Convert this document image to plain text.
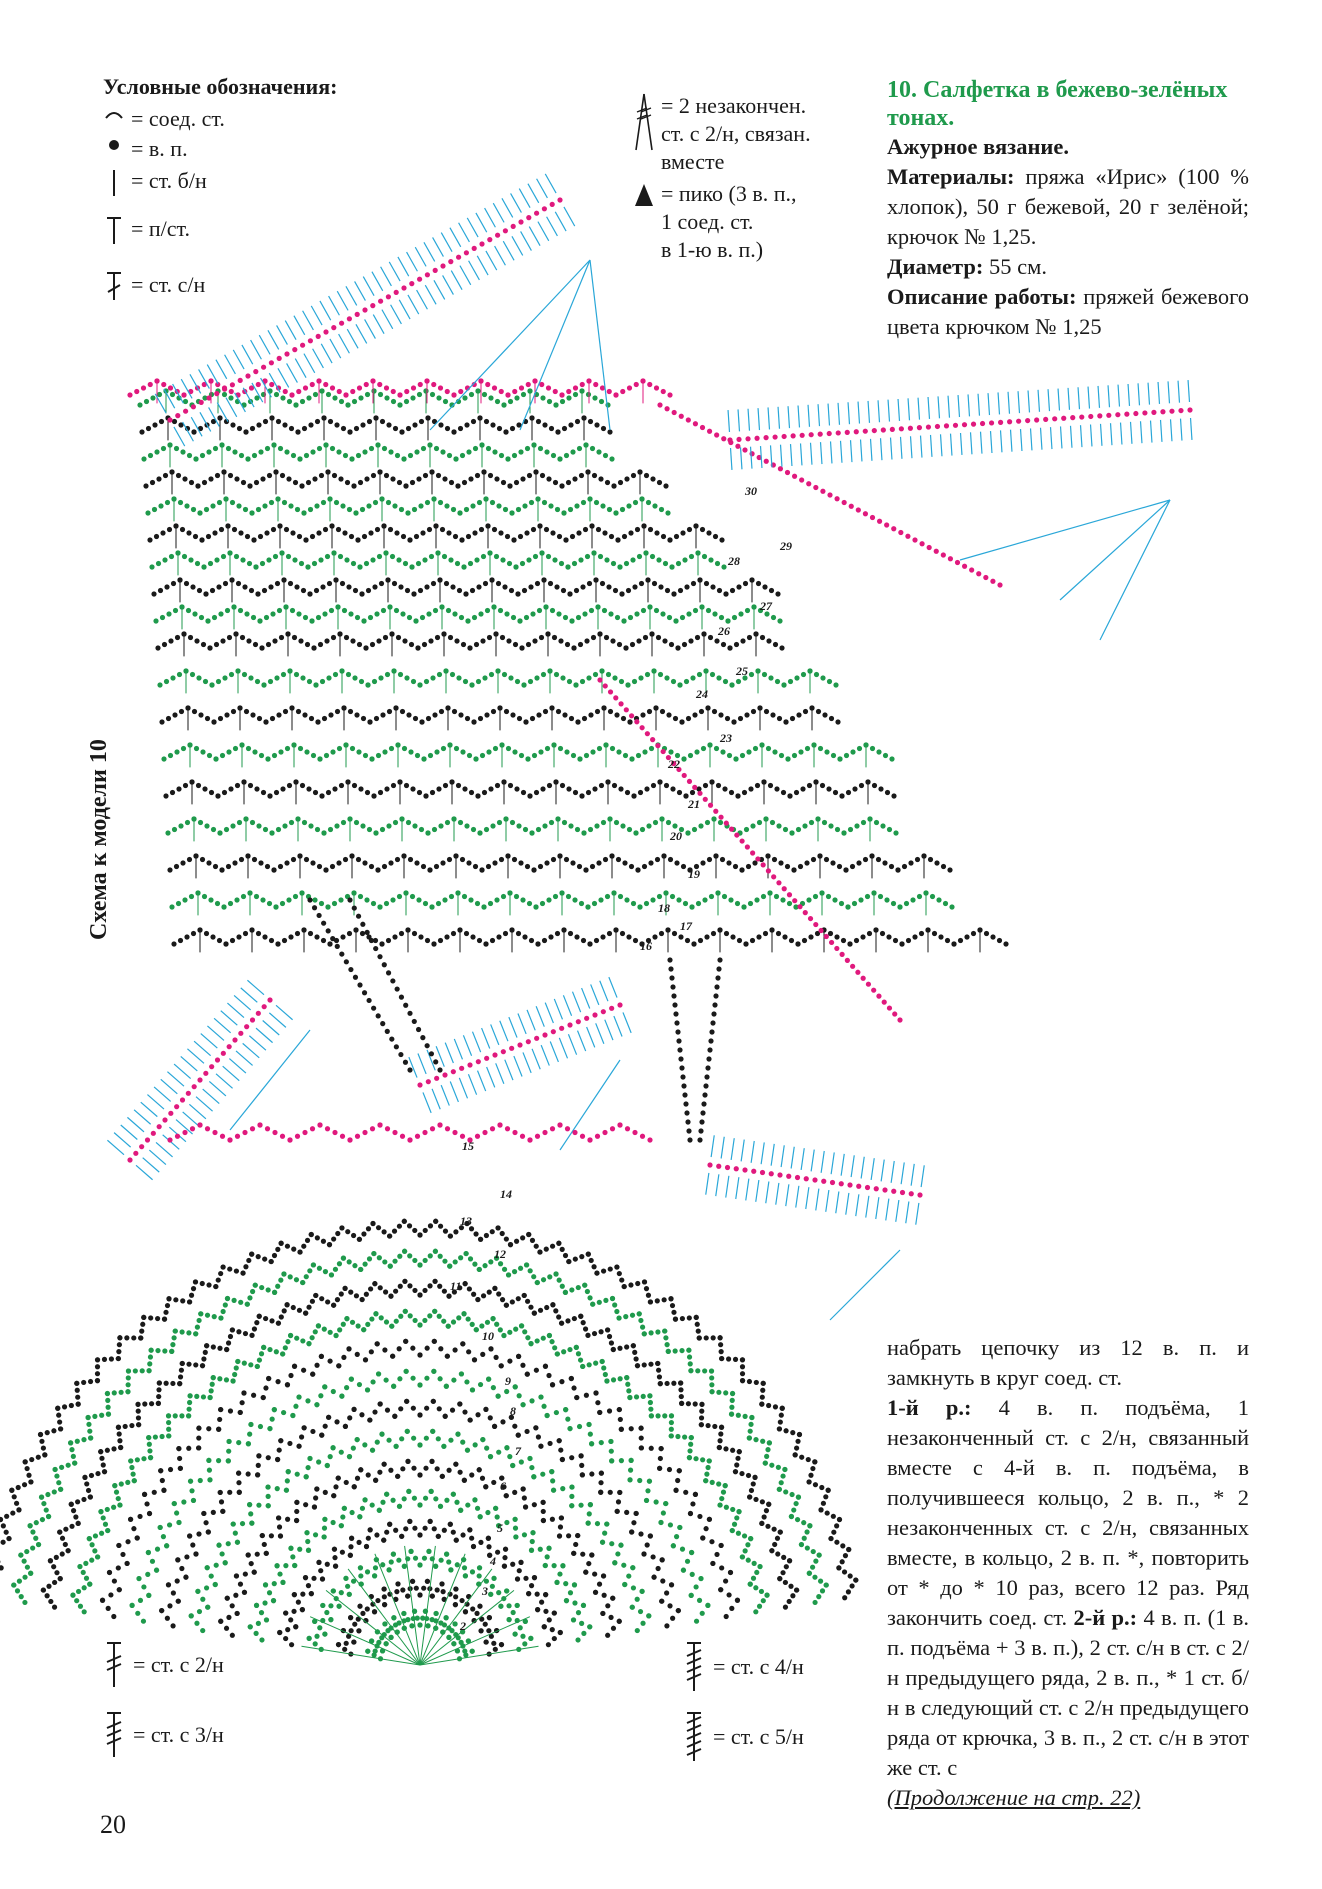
Условные обозначения:
= соед. ст.
= в. п.
= ст. б/н
= п/ст.
= ст. с/н
= 2 незакончен.
ст. с 2/н, связан.
вместе
= пико (3 в. п.,
1 соед. ст.
в 1-ю в. п.)
10. Салфетка в бежево-зелёных тонах.

Ажурное вязание.

Материалы: пряжа «Ирис» (100 % хлопок), 50 г бежевой, 20 г зелёной; крючок № 1,25.

Диаметр: 55 см.

Описание работы: пряжей бежевого цвета крючком № 1,25

набрать цепочку из 12 в. п. и замкнуть в круг соед. ст.

1-й р.: 4 в. п. подъёма, 1 незаконченный ст. с 2/н, связанный вместе с 4-й в. п. подъёма, в получившееся кольцо, 2 в. п., * 2 незаконченных ст. с 2/н, связанных вместе, в кольцо, 2 в. п. *, повторить от * до * 10 раз, всего 12 раз. Ряд закончить соед. ст. 2-й р.: 4 в. п. (1 в. п. подъёма + 3 в. п.), 2 ст. с/н в ст. с 2/н предыдущего ряда, 2 в. п., * 1 ст. б/н в следующий ст. с 2/н предыдущего ряда от крючка, 3 в. п., 2 ст. с/н в этот же ст. с

(Продолжение на стр. 22)

Схема к модели 10
16
17
18
19
20
21
22
23
24
25
26
27
28
29
30
2
3
4
5
6
7
8
9
10
11
12
13
14
15
= ст. с 2/н
= ст. с 3/н
= ст. с 4/н
= ст. с 5/н
20
